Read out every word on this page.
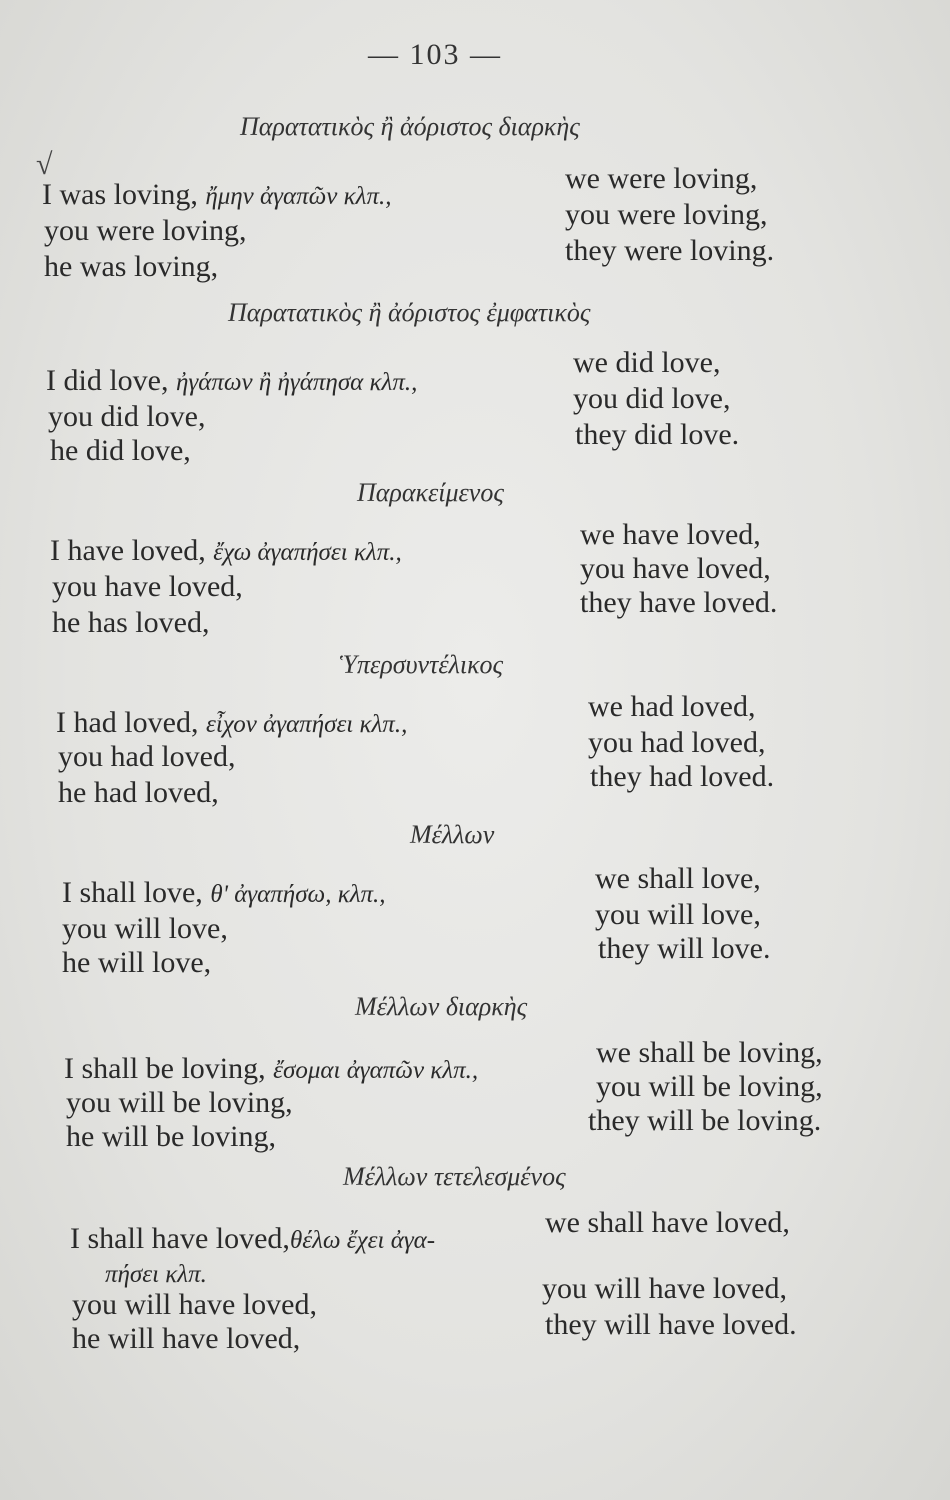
— 103 —
√
Παρατατικὸς ἢ ἀόριστος διαρκὴς
I was loving, ἤμην ἀγαπῶν κλπ.,
you were loving,
he was loving,
we were loving,
you were loving,
they were loving.
Παρατατικὸς ἢ ἀόριστος ἐμφατικὸς
I did love, ἠγάπων ἢ ἠγάπησα κλπ.,
you did love,
he did love,
we did love,
you did love,
they did love.
Παρακείμενος
I have loved, ἔχω ἀγαπήσει κλπ.,
you have loved,
he has loved,
we have loved,
you have loved,
they have loved.
Ὑπερσυντέλικος
I had loved, εἶχον ἀγαπήσει κλπ.,
you had loved,
he had loved,
we had loved,
you had loved,
they had loved.
Μέλλων
I shall love, θ' ἀγαπήσω, κλπ.,
you will love,
he will love,
we shall love,
you will love,
they will love.
Μέλλων διαρκὴς
I shall be loving, ἔσομαι ἀγαπῶν κλπ.,
you will be loving,
he will be loving,
we shall be loving,
you will be loving,
they will be loving.
Μέλλων τετελεσμένος
I shall have loved,θέλω ἔχει ἀγα-
πήσει κλπ.
you will have loved,
he will have loved,
we shall have loved,
you will have loved,
they will have loved.
